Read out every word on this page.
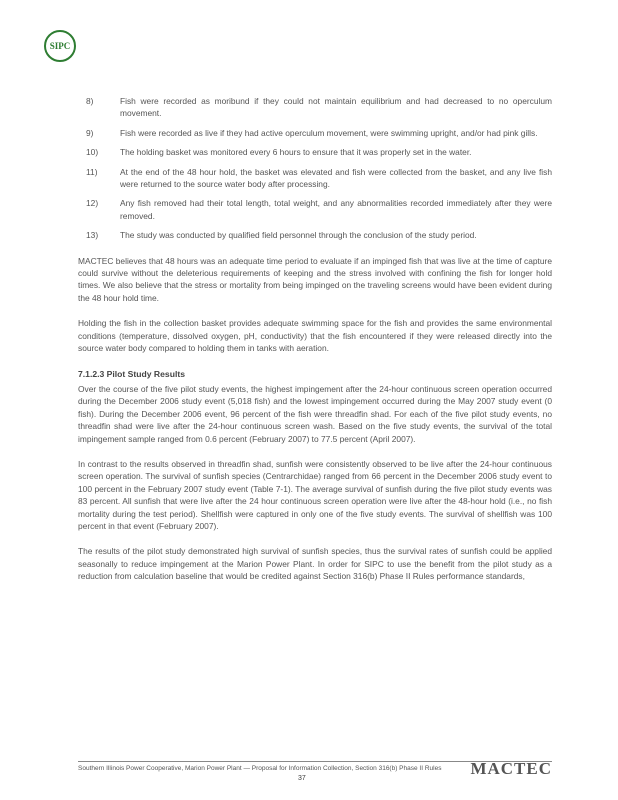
SIPC
8)	Fish were recorded as moribund if they could not maintain equilibrium and had decreased to no operculum movement.
9)	Fish were recorded as live if they had active operculum movement, were swimming upright, and/or had pink gills.
10)	The holding basket was monitored every 6 hours to ensure that it was properly set in the water.
11)	At the end of the 48 hour hold, the basket was elevated and fish were collected from the basket, and any live fish were returned to the source water body after processing.
12)	Any fish removed had their total length, total weight, and any abnormalities recorded immediately after they were removed.
13)	The study was conducted by qualified field personnel through the conclusion of the study period.

MACTEC believes that 48 hours was an adequate time period to evaluate if an impinged fish that was live at the time of capture could survive without the deleterious requirements of keeping and the stress involved with confining the fish for longer hold times. We also believe that the stress or mortality from being impinged on the traveling screens would have been evident during the 48 hour hold time.

Holding the fish in the collection basket provides adequate swimming space for the fish and provides the same environmental conditions (temperature, dissolved oxygen, pH, conductivity) that the fish encountered if they were released directly into the source water body compared to holding them in tanks with aeration.

7.1.2.3 Pilot Study Results

Over the course of the five pilot study events, the highest impingement after the 24-hour continuous screen operation occurred during the December 2006 study event (5,018 fish) and the lowest impingement occurred during the May 2007 study event (0 fish). During the December 2006 event, 96 percent of the fish were threadfin shad. For each of the five pilot study events, no threadfin shad were live after the 24-hour continuous screen wash. Based on the five study events, the survival of the total impingement sample ranged from 0.6 percent (February 2007) to 77.5 percent (April 2007).

In contrast to the results observed in threadfin shad, sunfish were consistently observed to be live after the 24-hour continuous screen operation. The survival of sunfish species (Centrarchidae) ranged from 66 percent in the December 2006 study event to 100 percent in the February 2007 study event (Table 7-1). The average survival of sunfish during the five pilot study events was 83 percent. All sunfish that were live after the 24 hour continuous screen operation were live after the 48-hour hold (i.e., no fish mortality during the test period). Shellfish were captured in only one of the five study events. The survival of shellfish was 100 percent in that event (February 2007).

The results of the pilot study demonstrated high survival of sunfish species, thus the survival rates of sunfish could be applied seasonally to reduce impingement at the Marion Power Plant. In order for SIPC to use the benefit from the pilot study as a reduction from calculation baseline that would be credited against Section 316(b) Phase II Rules performance standards,

Southern Illinois Power Cooperative, Marion Power Plant — Proposal for Information Collection, Section 316(b) Phase II Rules
37
MACTEC
